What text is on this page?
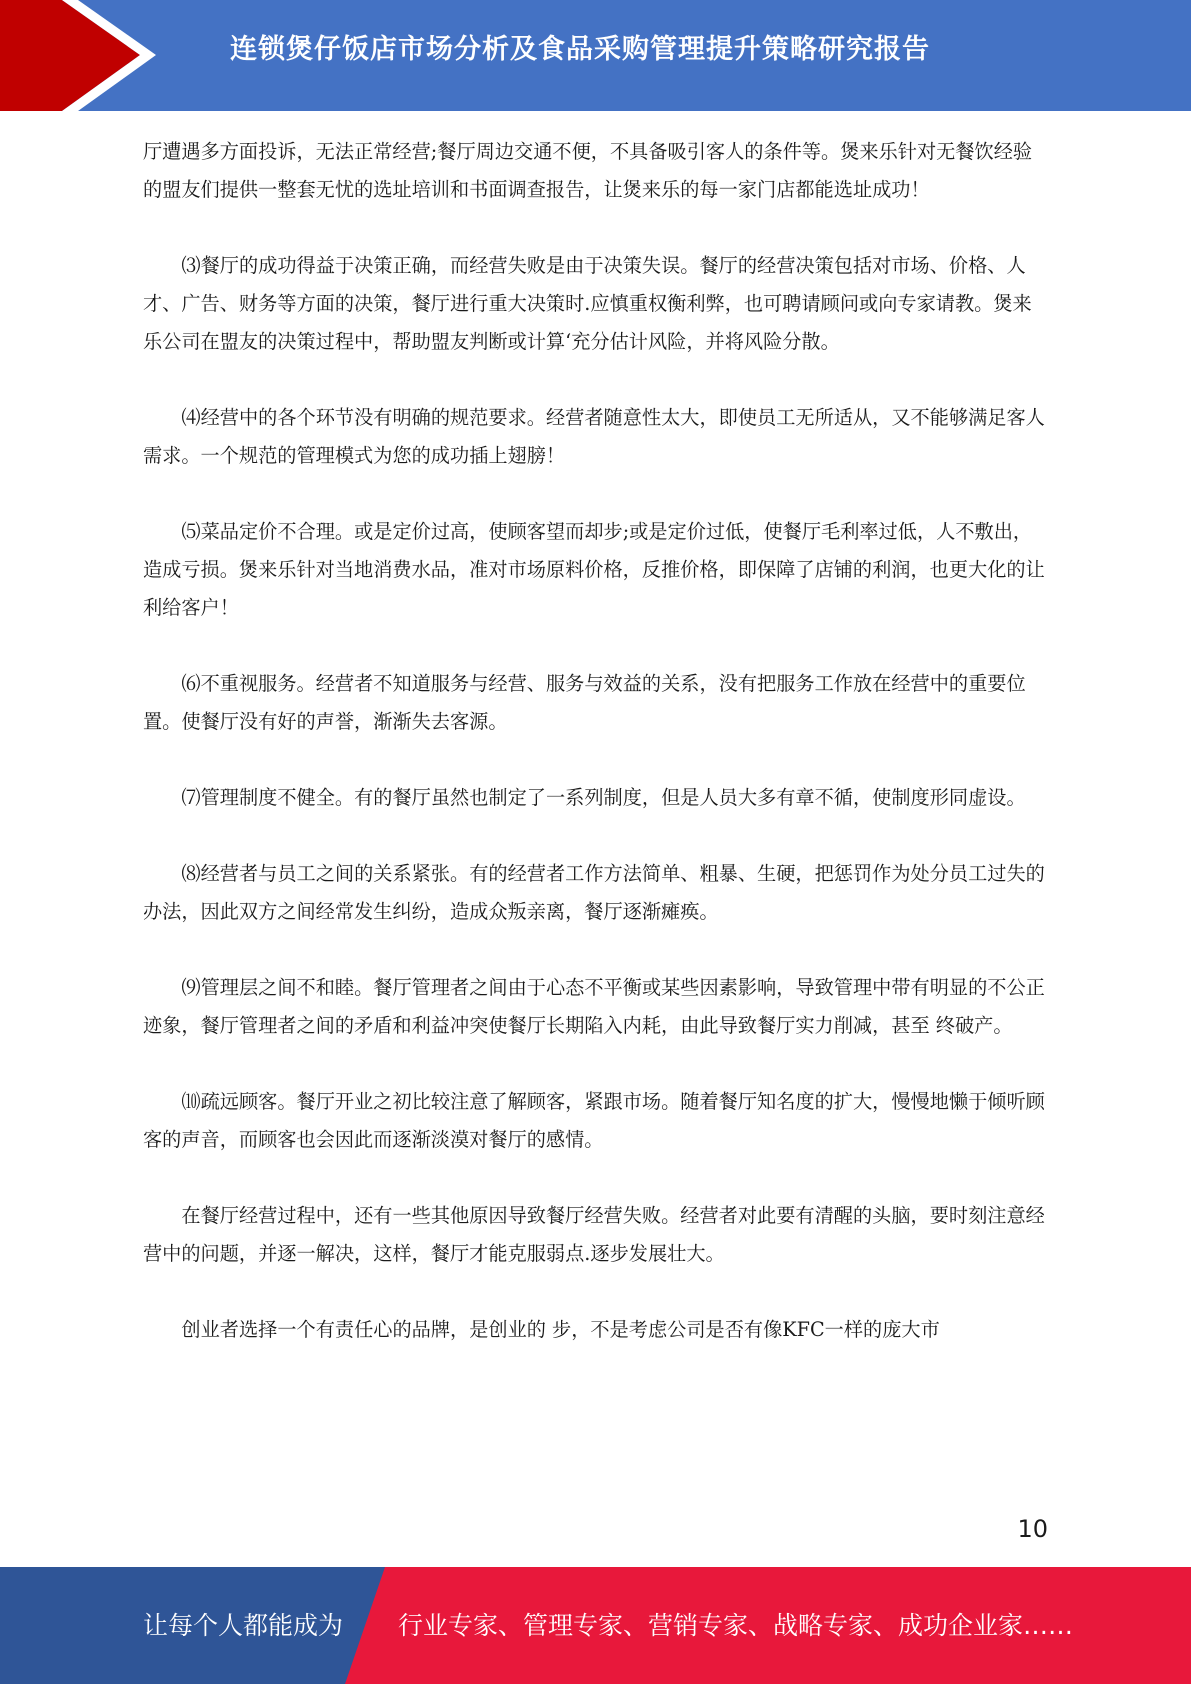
连锁煲仔饭店市场分析及食品采购管理提升策略研究报告

厅遭遇多方面投诉，无法正常经营;餐厅周边交通不便，不具备吸引客人的条件等。煲来乐针对无餐饮经验的盟友们提供一整套无忧的选址培训和书面调查报告，让煲来乐的每一家门店都能选址成功！

⑶餐厅的成功得益于决策正确，而经营失败是由于决策失误。餐厅的经营决策包括对市场、价格、人才、广告、财务等方面的决策，餐厅进行重大决策时.应慎重权衡利弊，也可聘请顾问或向专家请教。煲来乐公司在盟友的决策过程中，帮助盟友判断或计算‘充分估计风险，并将风险分散。

⑷经营中的各个环节没有明确的规范要求。经营者随意性太大，即使员工无所适从，又不能够满足客人需求。一个规范的管理模式为您的成功插上翅膀！

⑸菜品定价不合理。或是定价过高，使顾客望而却步;或是定价过低，使餐厅毛利率过低，人不敷出，造成亏损。煲来乐针对当地消费水品，准对市场原料价格，反推价格，即保障了店铺的利润，也更大化的让利给客户！

⑹不重视服务。经营者不知道服务与经营、服务与效益的关系，没有把服务工作放在经营中的重要位置。使餐厅没有好的声誉，渐渐失去客源。

⑺管理制度不健全。有的餐厅虽然也制定了一系列制度，但是人员大多有章不循，使制度形同虚设。

⑻经营者与员工之间的关系紧张。有的经营者工作方法简单、粗暴、生硬，把惩罚作为处分员工过失的 办法，因此双方之间经常发生纠纷，造成众叛亲离，餐厅逐渐瘫痪。

⑼管理层之间不和睦。餐厅管理者之间由于心态不平衡或某些因素影响，导致管理中带有明显的不公正迹象，餐厅管理者之间的矛盾和利益冲突使餐厅长期陷入内耗，由此导致餐厅实力削减，甚至 终破产。

⑽疏远顾客。餐厅开业之初比较注意了解顾客，紧跟市场。随着餐厅知名度的扩大，慢慢地懒于倾听顾客的声音，而顾客也会因此而逐渐淡漠对餐厅的感情。

在餐厅经营过程中，还有一些其他原因导致餐厅经营失败。经营者对此要有清醒的头脑，要时刻注意经营中的问题，并逐一解决，这样，餐厅才能克服弱点.逐步发展壮大。

创业者选择一个有责任心的品牌，是创业的 步，不是考虑公司是否有像KFC一样的庞大市

10
让每个人都能成为 行业专家、管理专家、营销专家、战略专家、成功企业家……
